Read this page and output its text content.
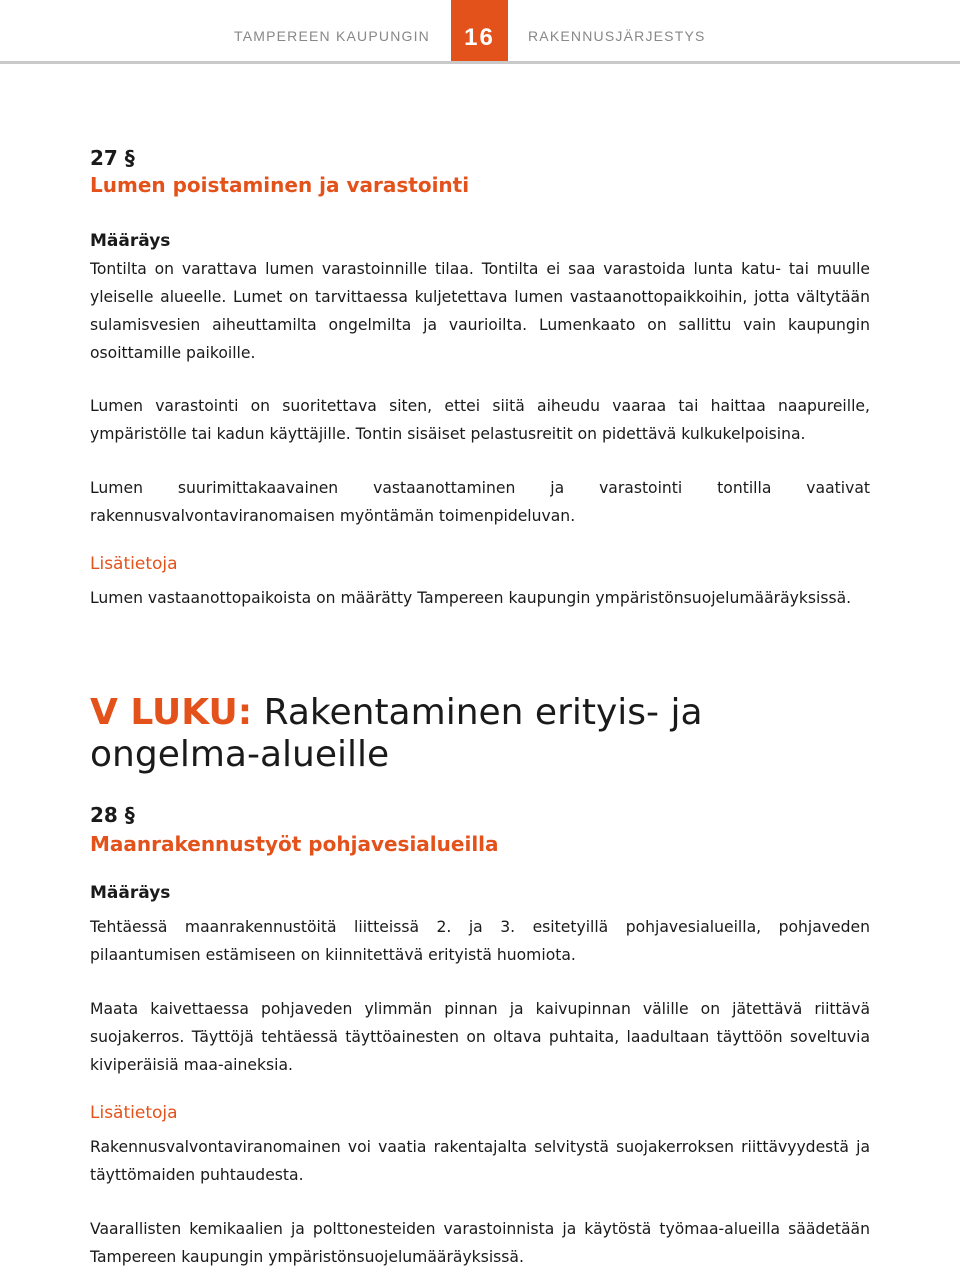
TAMPEREEN KAUPUNGIN	16	RAKENNUSJÄRJESTYS
27 §
Lumen poistaminen ja varastointi
Määräys
Tontilta on varattava lumen varastoinnille tilaa. Tontilta ei saa varastoida lunta katu- tai muulle yleiselle alueelle. Lumet on tarvittaessa kuljetettava lumen vastaanottopaikkoihin, jotta vältytään sulamisvesien aiheuttamilta ongelmilta ja vaurioilta. Lumenkaato on sallittu vain kaupungin osoittamille paikoille.
Lumen varastointi on suoritettava siten, ettei siitä aiheudu vaaraa tai haittaa naapureille, ympäristölle tai kadun käyttäjille. Tontin sisäiset pelastusreitit on pidettävä kulkukelpoisina.
Lumen suurimittakaavainen vastaanottaminen ja varastointi tontilla vaativat rakennusvalvontaviranomaisen myöntämän toimenpideluvan.
Lisätietoja
Lumen vastaanottopaikoista on määrätty Tampereen kaupungin ympäristönsuojelumääräyksissä.
V LUKU: Rakentaminen erityis- ja ongelma-alueille
28 §
Maanrakennustyöt pohjavesialueilla
Määräys
Tehtäessä maanrakennustöitä liitteissä 2. ja 3. esitetyillä pohjavesialueilla, pohjaveden pilaantumisen estämiseen on kiinnitettävä erityistä huomiota.
Maata kaivettaessa pohjaveden ylimmän pinnan ja kaivupinnan välille on jätettävä riittävä suojakerros. Täyttöjä tehtäessä täyttöainesten on oltava puhtaita, laadultaan täyttöön soveltuvia kiviperäisiä maa-aineksia.
Lisätietoja
Rakennusvalvontaviranomainen voi vaatia rakentajalta selvitystä suojakerroksen riittävyydestä ja täyttömaiden puhtaudesta.
Vaarallisten kemikaalien ja polttonesteiden varastoinnista ja käytöstä työmaa-alueilla säädetään Tampereen kaupungin ympäristönsuojelumääräyksissä.
